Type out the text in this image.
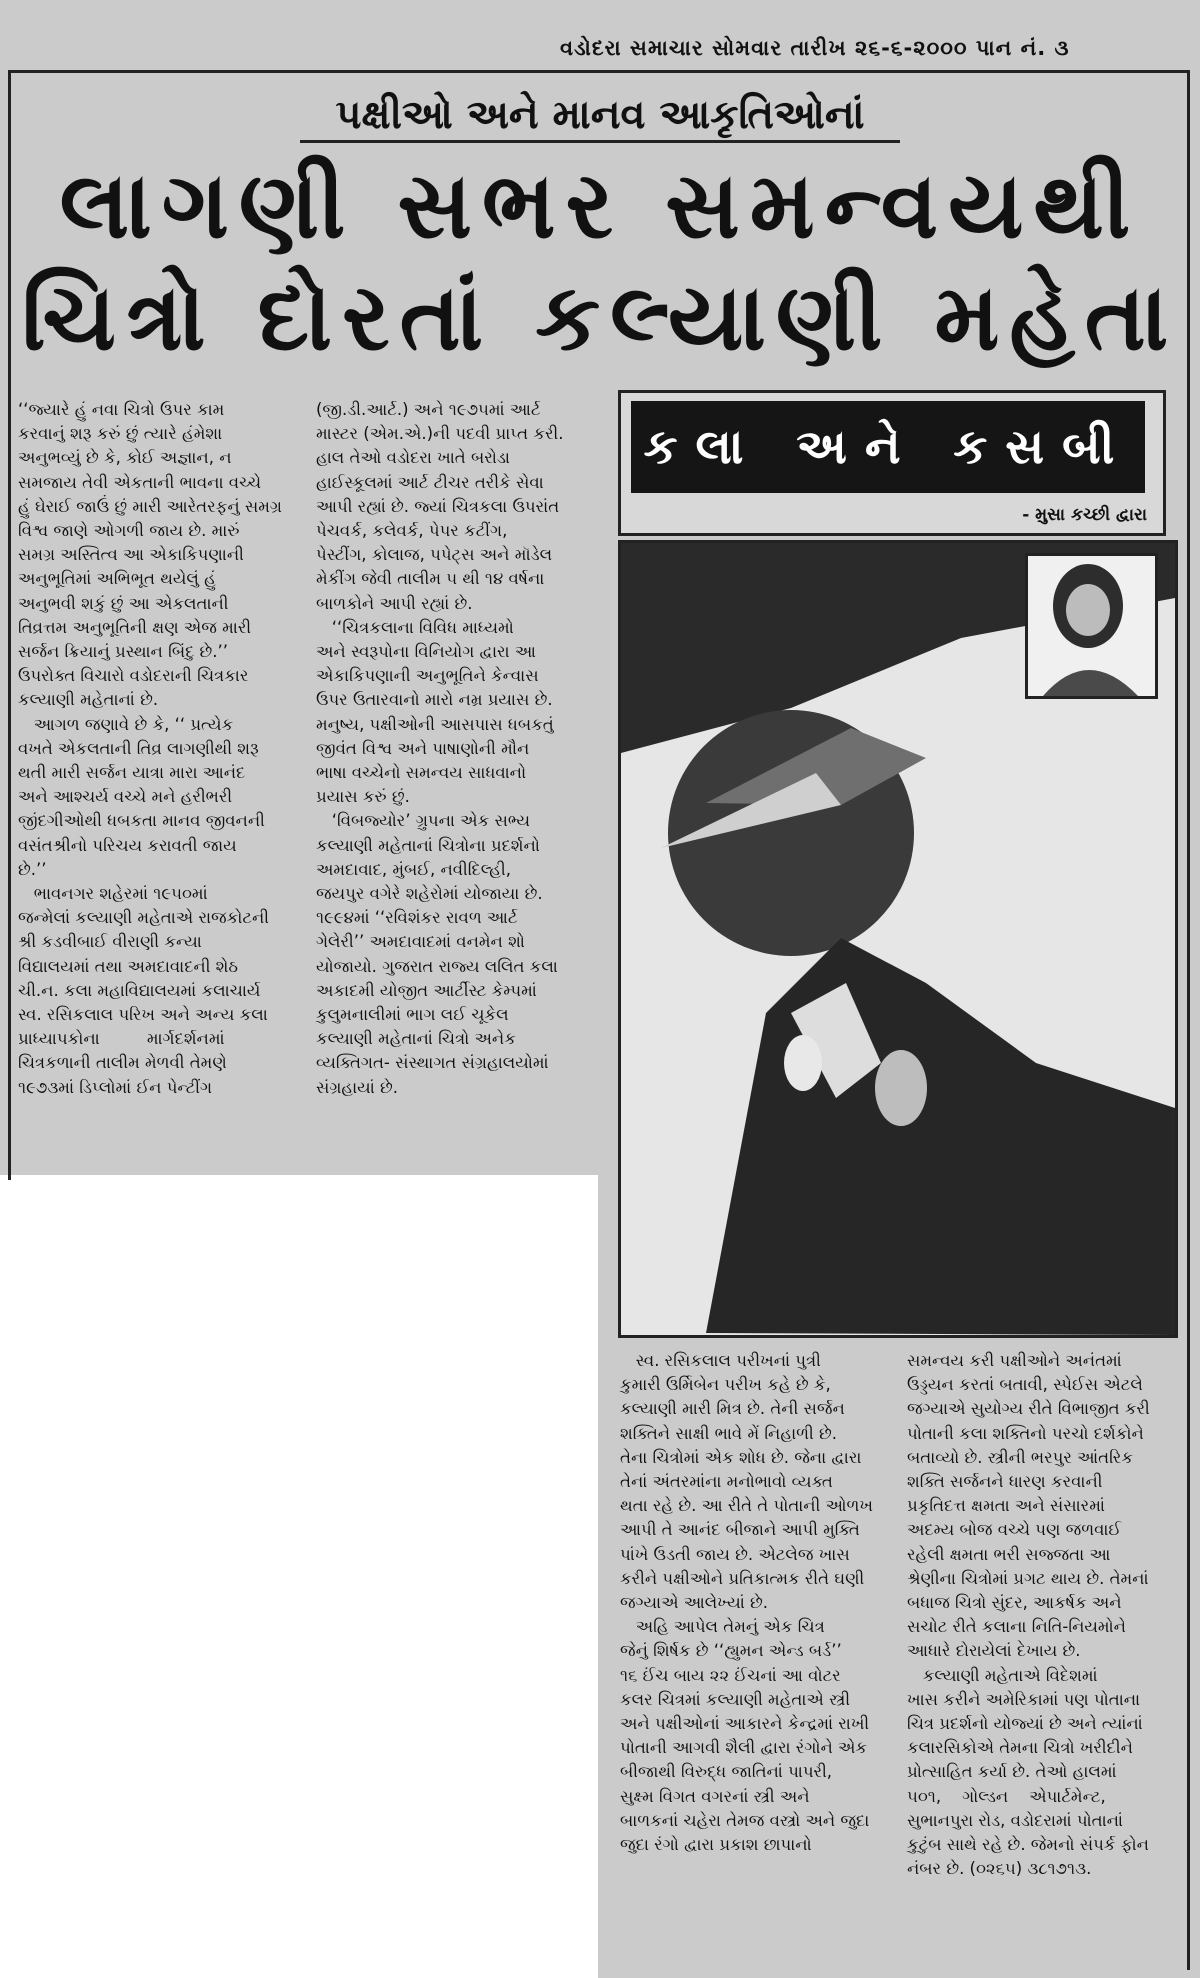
વડોદરા સમાચાર સોમવાર તારીખ ૨૬-૬-૨૦૦૦ પાન નં. ૩
પક્ષીઓ અને માનવ આકૃતિઓનાં
લાગણી સભર સમન્વયથી
ચિત્રો દોરતાં કલ્યાણી મહેતા
‘‘જ્યારે હું નવા ચિત્રો ઉપર કામ
કરવાનું શરૂ કરું છું ત્યારે હંમેશા
અનુભવ્યું છે કે, કોઈ અજ્ઞાન, ન
સમજાય તેવી એકતાની ભાવના વચ્ચે
હું ઘેરાઈ જાઉં છું મારી આરેતરફનું સમગ્ર
વિશ્વ જાણે ઓગળી જાય છે. મારું
સમગ્ર અસ્તિત્વ આ એકાકિપણાની
અનુભૂતિમાં અભિભૂત થયેલું હું
અનુભવી શકું છું આ એકલતાની
તિવ્રત્તમ અનુભૂતિની ક્ષણ એજ મારી
સર્જન ક્રિયાનું પ્રસ્થાન બિંદુ છે.’’
ઉપરોક્ત વિચારો વડોદરાની ચિત્રકાર
કલ્યાણી મહેતાનાં છે.
આગળ જણાવે છે કે, ‘‘ પ્રત્યેક
વખતે એકલતાની તિવ્ર લાગણીથી શરૂ
થતી મારી સર્જન યાત્રા મારા આનંદ
અને આશ્ચર્ય વચ્ચે મને હરીભરી
જીંદગીઓથી ધબકતા માનવ જીવનની
વસંતશ્રીનો પરિચય કરાવતી જાય
છે.’’
ભાવનગર શહેરમાં ૧૯૫૦માં
જન્મેલાં કલ્યાણી મહેતાએ રાજકોટની
શ્રી કડવીબાઈ વીરાણી કન્યા
વિદ્યાલયમાં તથા અમદાવાદની શેઠ
ચી.ન. કલા મહાવિદ્યાલયમાં કલાચાર્ય
સ્વ. રસિકલાલ પરિખ અને અન્ય કલા
પ્રાધ્યાપકોના         માર્ગદર્શનમાં
ચિત્રકળાની તાલીમ મેળવી તેમણે
૧૯૭૩માં ડિપ્લોમાં ઈન પેન્ટીંગ
(જી.ડી.આર્ટ.) અને ૧૯૭૫માં આર્ટ
માસ્ટર (એમ.એ.)ની પદવી પ્રાપ્ત કરી.
હાલ તેઓ વડોદરા ખાતે બરોડા
હાઈસ્કૂલમાં આર્ટ ટીચર તરીકે સેવા
આપી રહ્યાં છે. જ્યાં ચિત્રકલા ઉપરાંત
પેચવર્ક, કલેવર્ક, પેપર કટીંગ,
પેસ્ટીંગ, કોલાજ, પપેટ્સ અને મૉડેલ
મેકીંગ જેવી તાલીમ ૫ થી ૧૪ વર્ષના
બાળકોને આપી રહ્યાં છે.
‘‘ચિત્રકલાના વિવિધ માધ્યમો
અને સ્વરૂપોના વિનિયોગ દ્વારા આ
એકાકિપણાની અનુભૂતિને કેન્વાસ
ઉપર ઉતારવાનો મારો નમ્ર પ્રયાસ છે.
મનુષ્ય, પક્ષીઓની આસપાસ ધબકતું
જીવંત વિશ્વ અને પાષાણોની મૌન
ભાષા વચ્ચેનો સમન્વય સાધવાનો
પ્રયાસ કરું છું.
‘વિબજ્યોર’ ગ્રુપના એક સભ્ય
કલ્યાણી મહેતાનાં ચિત્રોના પ્રદર્શનો
અમદાવાદ, મુંબઈ, નવીદિલ્હી,
જયપુર વગેરે શહેરોમાં યોજાયા છે.
૧૯૯૪માં ‘‘રવિશંકર રાવળ આર્ટ
ગેલેરી’’ અમદાવાદમાં વનમેન શો
યોજાયો. ગુજરાત રાજ્ય લલિત કલા
અકાદમી યોજીત આર્ટીસ્ટ કેમ્પમાં
કુલુમનાલીમાં ભાગ લઈ ચૂકેલ
કલ્યાણી મહેતાનાં ચિત્રો અનેક
વ્યક્તિગત- સંસ્થાગત સંગ્રહાલયોમાં
સંગ્રહાયાં છે.
કલા અને કસબી
- મુસા કચ્છી દ્વારા
સ્વ. રસિકલાલ પરીખનાં પુત્રી
કુમારી ઉર્મિબેન પરીખ કહે છે કે,
કલ્યાણી મારી મિત્ર છે. તેની સર્જન
શક્તિને સાક્ષી ભાવે મેં નિહાળી છે.
તેના ચિત્રોમાં એક શોધ છે. જેના દ્વારા
તેનાં અંતરમાંના મનોભાવો વ્યક્ત
થતા રહે છે. આ રીતે તે પોતાની ઓળખ
આપી તે આનંદ બીજાને આપી મુક્તિ
પાંખે ઉડતી જાય છે. એટલેજ ખાસ
કરીને પક્ષીઓને પ્રતિકાત્મક રીતે ઘણી
જગ્યાએ આલેખ્યાં છે.
અહિ આપેલ તેમનું એક ચિત્ર
જેનું શિર્ષક છે ‘‘હ્યુમન એન્ડ બર્ડ’’
૧૬ ઈંચ બાય ૨૨ ઈંચનાં આ વોટર
કલર ચિત્રમાં કલ્યાણી મહેતાએ સ્ત્રી
અને પક્ષીઓનાં આકારને કેન્દ્રમાં રાખી
પોતાની આગવી શૈલી દ્વારા રંગોને એક
બીજાથી વિરુદ્ધ જાતિનાં પાપરી,
સુક્ષ્મ વિગત વગરનાં સ્ત્રી અને
બાળકનાં ચહેરા તેમજ વસ્ત્રો અને જુદા
જુદા રંગો દ્વારા પ્રકાશ છાપાનો
સમન્વય કરી પક્ષીઓને અનંતમાં
ઉડ્ડયન કરતાં બતાવી, સ્પેઈસ એટલે
જગ્યાએ સુયોગ્ય રીતે વિભાજીત કરી
પોતાની કલા શક્તિનો પરચો દર્શકોને
બતાવ્યો છે. સ્ત્રીની ભરપુર આંતરિક
શક્તિ સર્જનને ધારણ કરવાની
પ્રકૃતિદત્ત ક્ષમતા અને સંસારમાં
અદમ્ય બોજ વચ્ચે પણ જળવાઈ
રહેલી ક્ષમતા ભરી સજ્જતા આ
શ્રેણીના ચિત્રોમાં પ્રગટ થાય છે. તેમનાં
બધાજ ચિત્રો સુંદર, આકર્ષક અને
સચોટ રીતે કલાના નિતિ-નિયમોને
આધારે દોરાયેલાં દેખાય છે.
કલ્યાણી મહેતાએ વિદેશમાં
ખાસ કરીને અમેરિકામાં પણ પોતાના
ચિત્ર પ્રદર્શનો યોજ્યાં છે અને ત્યાંનાં
કલારસિકોએ તેમના ચિત્રો ખરીદીને
પ્રોત્સાહિત કર્યા છે. તેઓ હાલમાં
૫૦૧,    ગોલ્ડન    એપાર્ટમેન્ટ,
સુભાનપુરા રોડ, વડોદરામાં પોતાનાં
કુટુંબ સાથે રહે છે. જેમનો સંપર્ક ફોન
નંબર છે. (૦૨૬૫) ૩૮૧૭૧૩.
